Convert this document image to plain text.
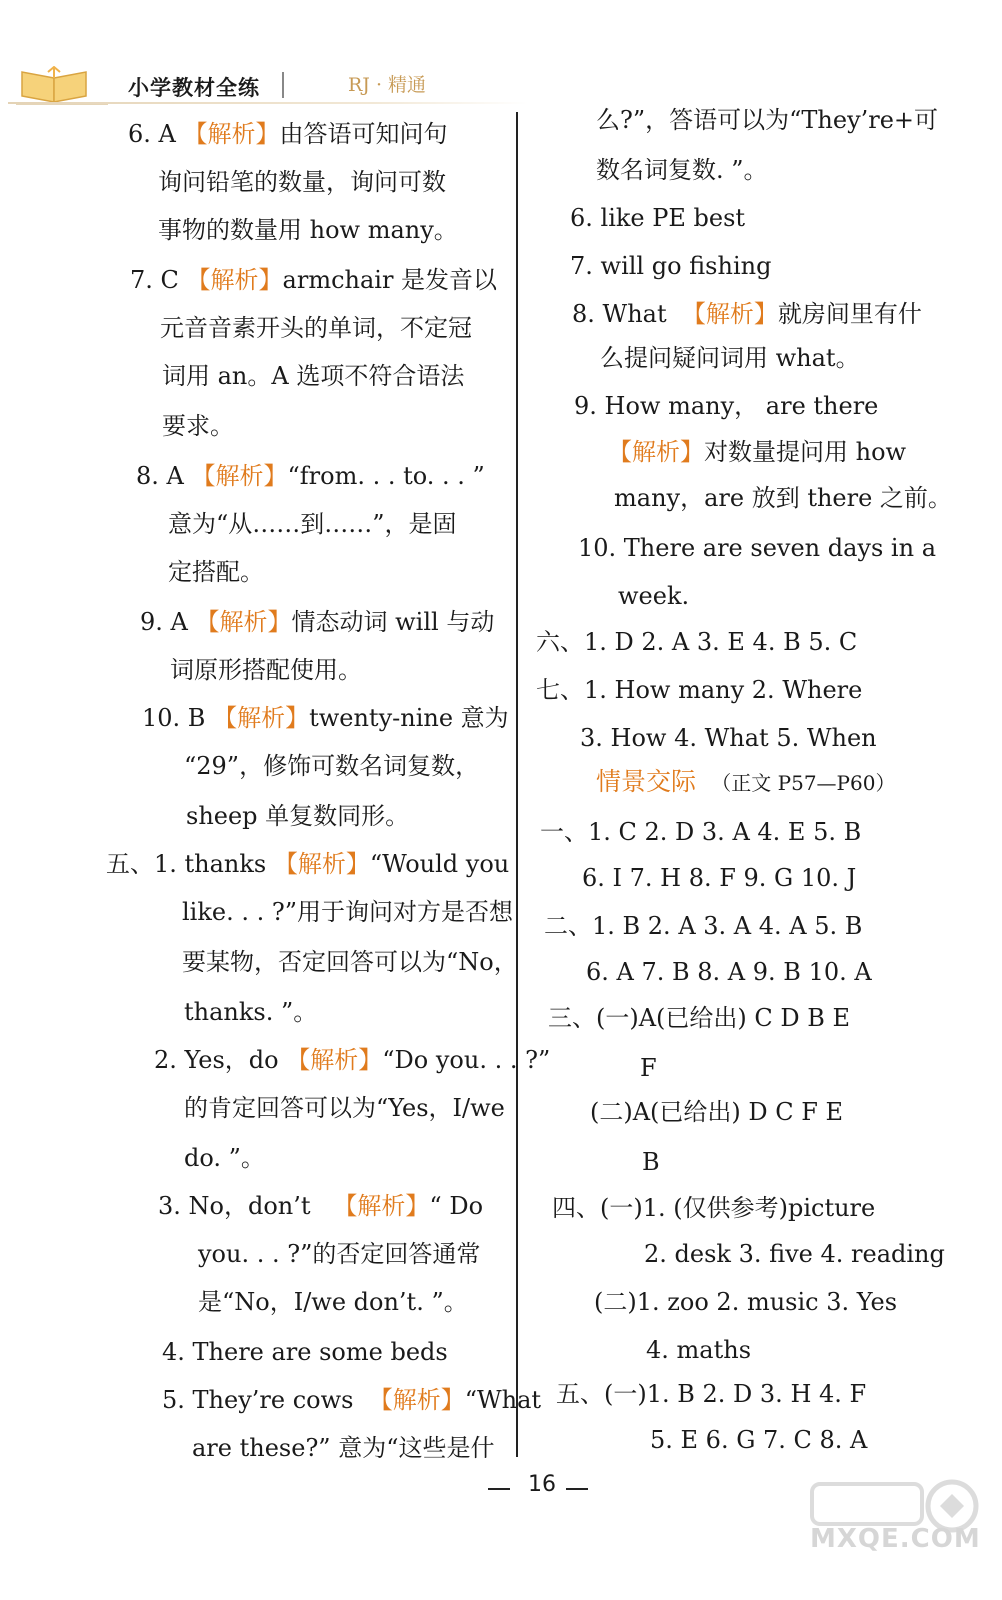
小学教材全练	RJ · 精通
6. A 【解析】由答语可知问句
询问铅笔的数量，询问可数
事物的数量用 how many。
7. C 【解析】armchair 是发音以
元音音素开头的单词，不定冠
词用 an。A 选项不符合语法
要求。
8. A 【解析】“from. . . to. . . ”
意为“从……到……”，是固
定搭配。
9. A 【解析】情态动词 will 与动
词原形搭配使用。
10. B 【解析】twenty-nine 意为
“29”，修饰可数名词复数，
sheep 单复数同形。
五、1. thanks 【解析】“Would you
like. . . ?”用于询问对方是否想
要某物，否定回答可以为“No，
thanks. ”。
2. Yes，do 【解析】“Do you. . . ?”
的肯定回答可以为“Yes，I/we
do. ”。
3. No，don’t 【解析】“ Do
you. . . ?”的否定回答通常
是“No，I/we don’t. ”。
4. There are some beds
5. They’re cows 【解析】“What
are these?” 意为“这些是什
么?”，答语可以为“They’re+可
数名词复数. ”。
6. like PE best
7. will go fishing
8. What 【解析】就房间里有什
么提问疑问词用 what。
9. How many， are there
【解析】对数量提问用 how
many，are 放到 there 之前。
10. There are seven days in a
week.
六、1. D 2. A 3. E 4. B 5. C
七、1. How many 2. Where
3. How 4. What 5. When
情景交际 （正文 P57—P60）
一、1. C 2. D 3. A 4. E 5. B
6. I 7. H 8. F 9. G 10. J
二、1. B 2. A 3. A 4. A 5. B
6. A 7. B 8. A 9. B 10. A
三、(一)A(已给出) C D B E
F
(二)A(已给出) D C F E
B
四、(一)1. (仅供参考)picture
2. desk 3. five 4. reading
(二)1. zoo 2. music 3. Yes
4. maths
五、(一)1. B 2. D 3. H 4. F
5. E 6. G 7. C 8. A
16
MXQE.COM
